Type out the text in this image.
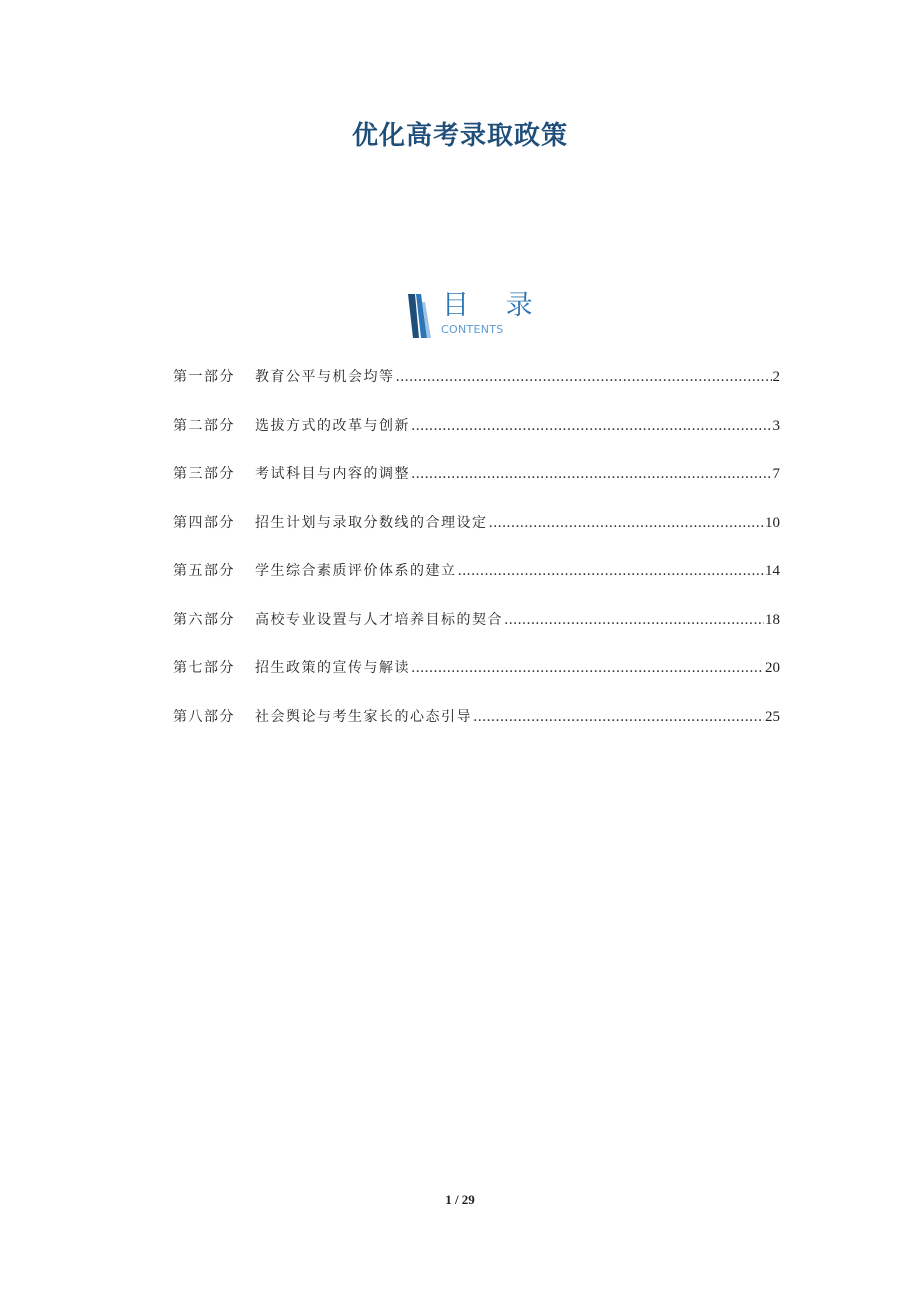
优化高考录取政策
目 录
CONTENTS
第一部分	教育公平与机会均等 .....	2
第二部分	选拔方式的改革与创新 .....	3
第三部分	考试科目与内容的调整 .....	7
第四部分	招生计划与录取分数线的合理设定 .....	10
第五部分	学生综合素质评价体系的建立 .....	14
第六部分	高校专业设置与人才培养目标的契合 .....	18
第七部分	招生政策的宣传与解读 .....	20
第八部分	社会舆论与考生家长的心态引导 .....	25
1 / 29
